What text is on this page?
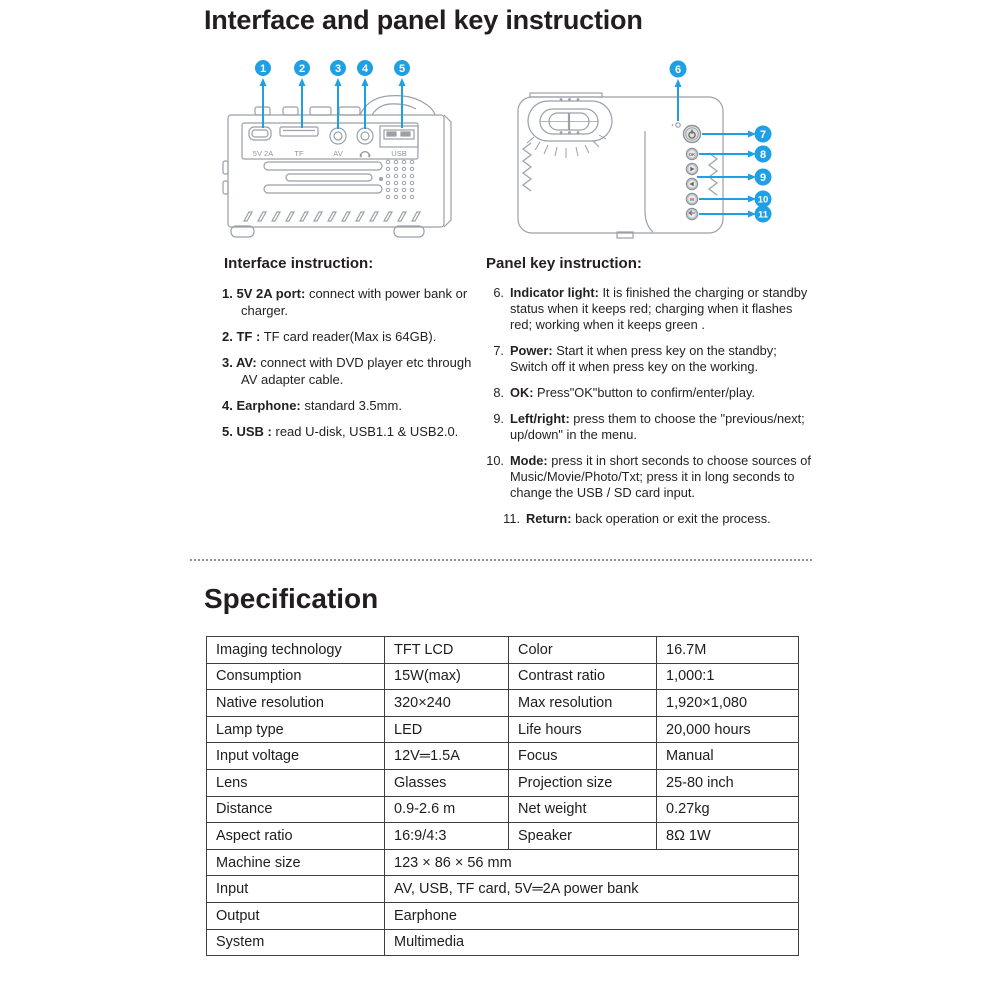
Interface and panel key instruction
5V 2A	TF	AV	USB
1	2	3 4	5
OK
M
6
7
8
9
10
11

Interface instruction:

1. 5V 2A port: connect with power bank or charger.
2. TF : TF card reader(Max is 64GB).
3. AV: connect with DVD player etc through AV adapter cable.
4. Earphone: standard 3.5mm.
5. USB : read U-disk, USB1.1 & USB2.0.

Panel key instruction:

6. Indicator light: It is finished the charging or standby status when it keeps red; charging when it flashes red; working when it keeps green .
7. Power: Start it when press key on the standby; Switch off it when press key on the working.
8. OK: Press"OK"button to confirm/enter/play.
9. Left/right: press them to choose the "previous/next; up/down" in the menu.
10. Mode: press it in short seconds to choose sources of Music/Movie/Photo/Txt; press it in long seconds to change the USB / SD card input.
11. Return: back operation or exit the process.
Specification
Imaging technology	TFT LCD	Color	16.7M
Consumption	15W(max)	Contrast ratio	1,000:1
Native resolution	320×240	Max resolution	1,920×1,080
Lamp type	LED	Life hours	20,000 hours
Input voltage	12V═1.5A	Focus	Manual
Lens	Glasses	Projection size	25-80 inch
Distance	0.9-2.6 m	Net weight	0.27kg
Aspect ratio	16:9/4:3	Speaker	8Ω 1W
Machine size	123 × 86 × 56 mm		
Input	AV, USB, TF card, 5V═2A power bank		
Output	Earphone		
System	Multimedia		
